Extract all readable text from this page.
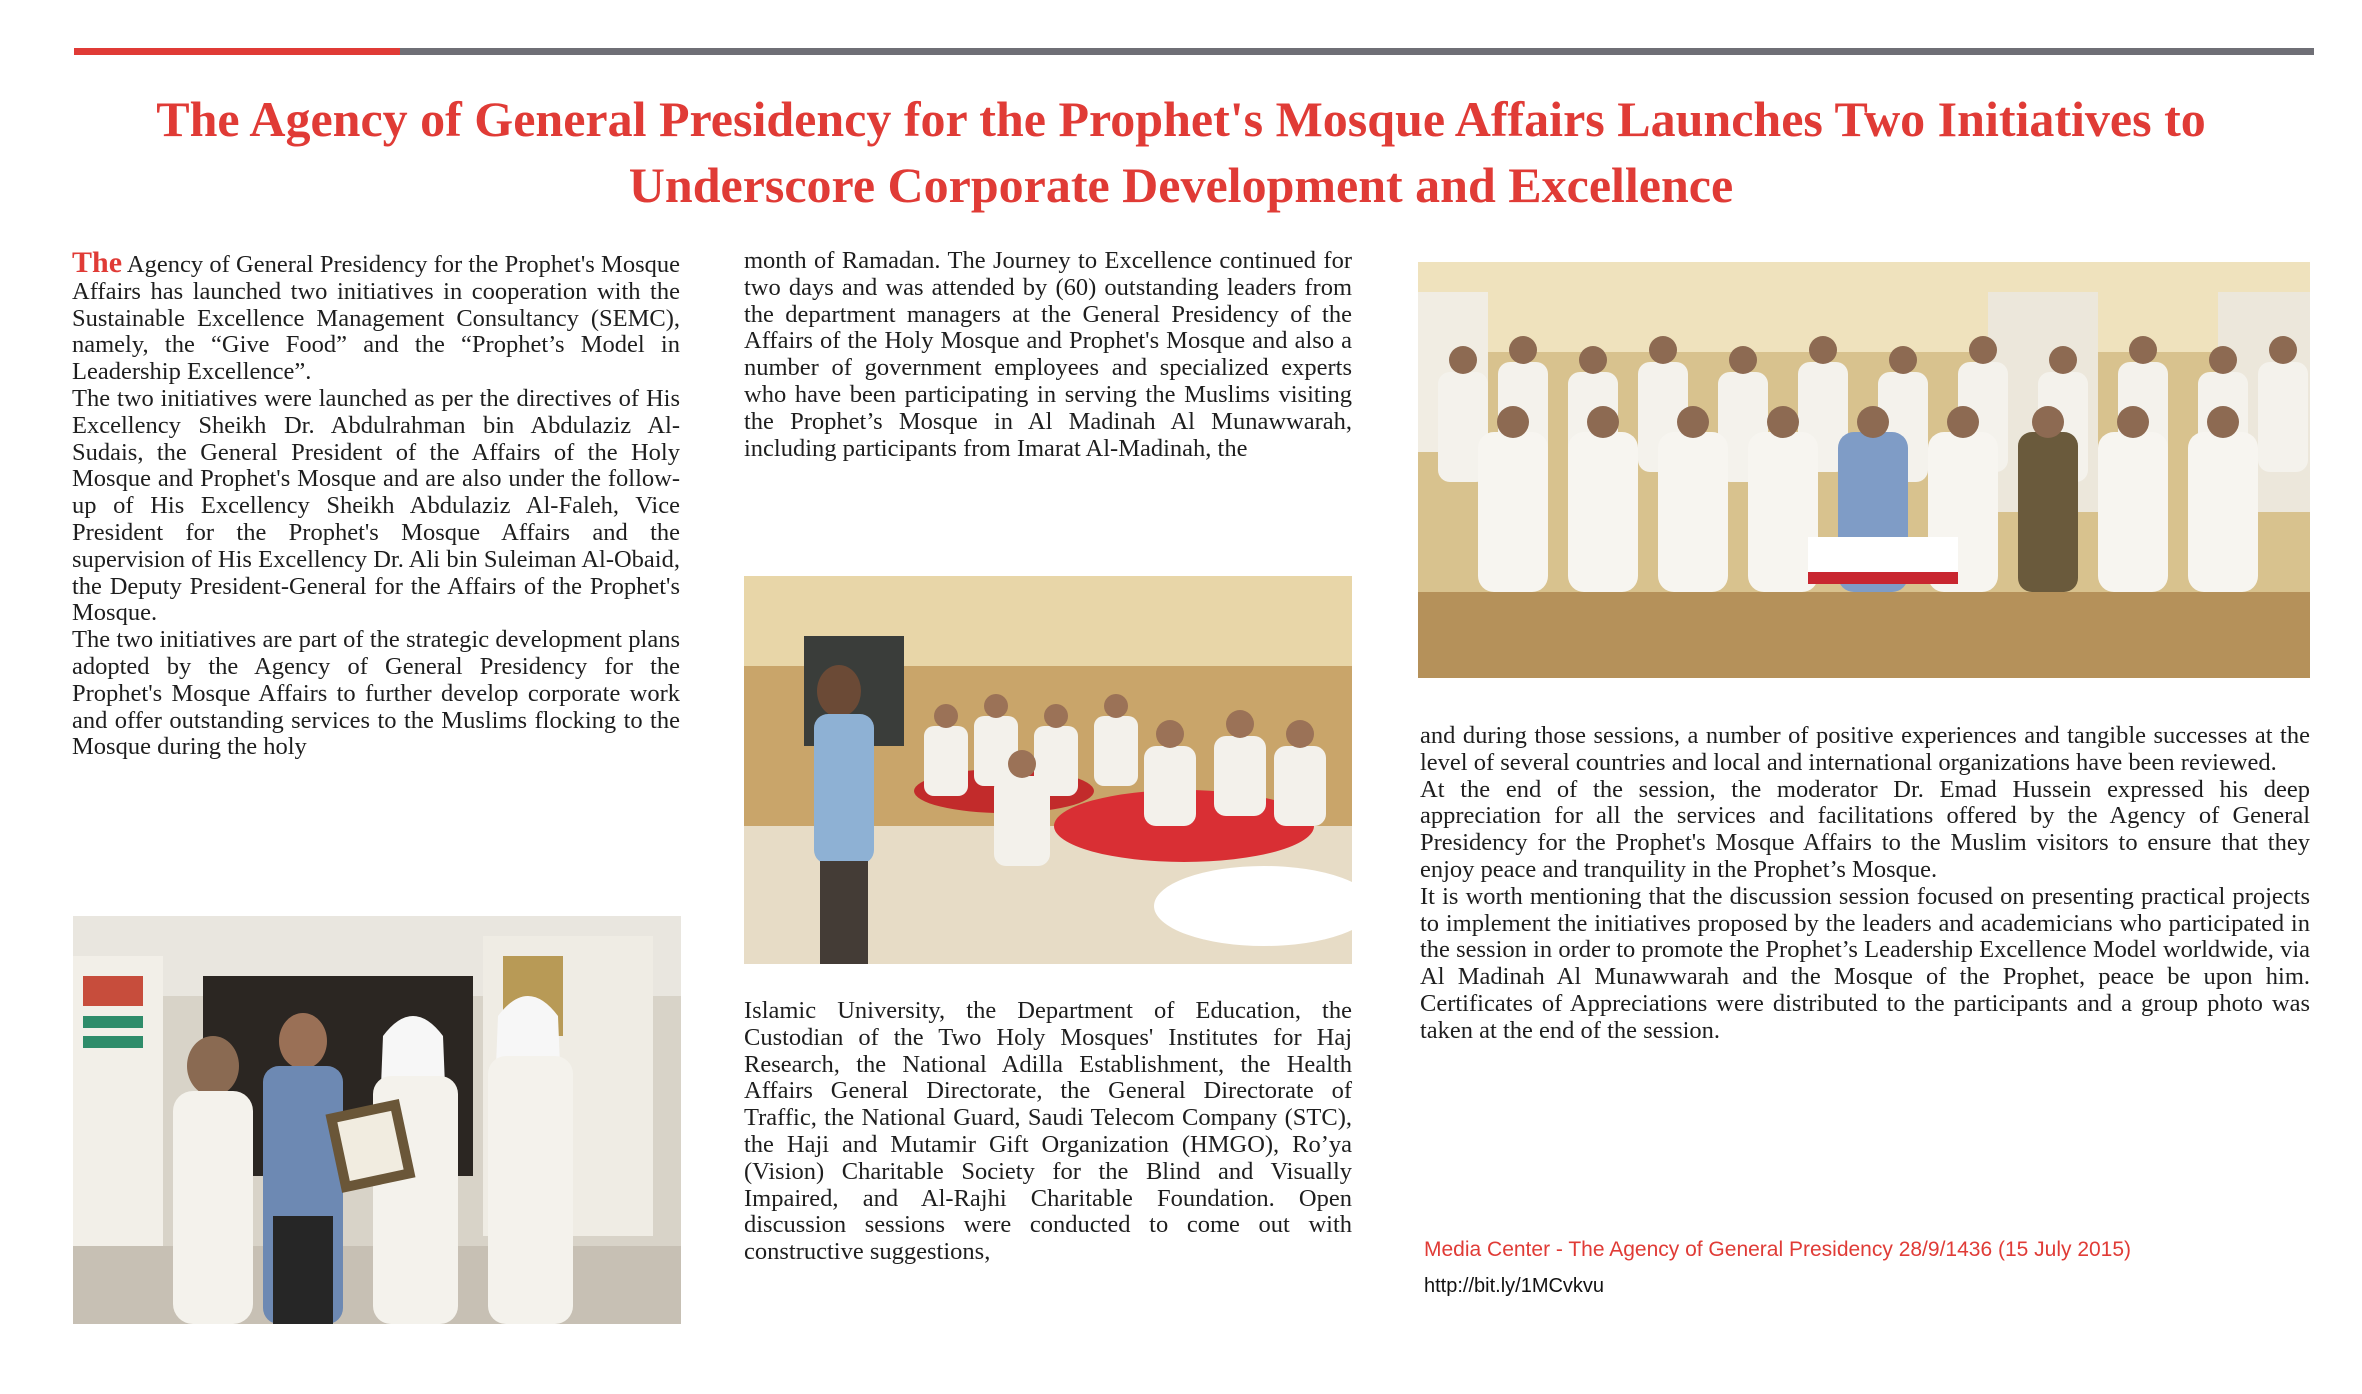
The Agency of General Presidency for the Prophet's Mosque Affairs Launches Two Initiatives to Underscore Corporate Development and Excellence

The Agency of General Presidency for the Prophet's Mosque Affairs has launched two initiatives in cooperation with the Sustainable Excellence Management Consultancy (SEMC), namely, the “Give Food” and the “Prophet’s Model in Leadership Excellence”.

The two initiatives were launched as per the directives of His Excellency Sheikh Dr. Abdulrahman bin Abdulaziz Al-Sudais, the General President of the Affairs of the Holy Mosque and Prophet's Mosque and are also under the follow-up of His Excellency Sheikh Abdulaziz Al-Faleh, Vice President for the Prophet's Mosque Affairs and the supervision of His Excellency Dr. Ali bin Suleiman Al-Obaid, the Deputy President-General for the Affairs of the Prophet's Mosque.

The two initiatives are part of the strategic development plans adopted by the Agency of General Presidency for the Prophet's Mosque Affairs to further develop corporate work and offer outstanding services to the Muslims flocking to the Mosque during the holy

month of Ramadan. The Journey to Excellence continued for two days and was attended by (60) outstanding leaders from the department managers at the General Presidency of the Affairs of the Holy Mosque and Prophet's Mosque and also a number of government employees and specialized experts who have been participating in serving the Muslims visiting the Prophet’s Mosque in Al Madinah Al Munawwarah, including participants from Imarat Al-Madinah, the

Islamic University, the Department of Education, the Custodian of the Two Holy Mosques' Institutes for Haj Research, the National Adilla Establishment, the Health Affairs General Directorate, the General Directorate of Traffic, the National Guard, Saudi Telecom Company (STC), the Haji and Mutamir Gift Organization (HMGO), Ro’ya (Vision) Charitable Society for the Blind and Visually Impaired, and Al-Rajhi Charitable Foundation. Open discussion sessions were conducted to come out with constructive suggestions,

and during those sessions, a number of positive experiences and tangible successes at the level of several countries and local and international organizations have been reviewed.

At the end of the session, the moderator Dr. Emad Hussein expressed his deep appreciation for all the services and facilitations offered by the Agency of General Presidency for the Prophet's Mosque Affairs to the Muslim visitors to ensure that they enjoy peace and tranquility in the Prophet’s Mosque.

It is worth mentioning that the discussion session focused on presenting practical projects to implement the initiatives proposed by the leaders and academicians who participated in the session in order to promote the Prophet’s Leadership Excellence Model worldwide, via Al Madinah Al Munawwarah and the Mosque of the Prophet, peace be upon him. Certificates of Appreciations were distributed to the participants and a group photo was taken at the end of the session.

Media Center - The Agency of General Presidency 28/9/1436 (15 July 2015)
http://bit.ly/1MCvkvu
